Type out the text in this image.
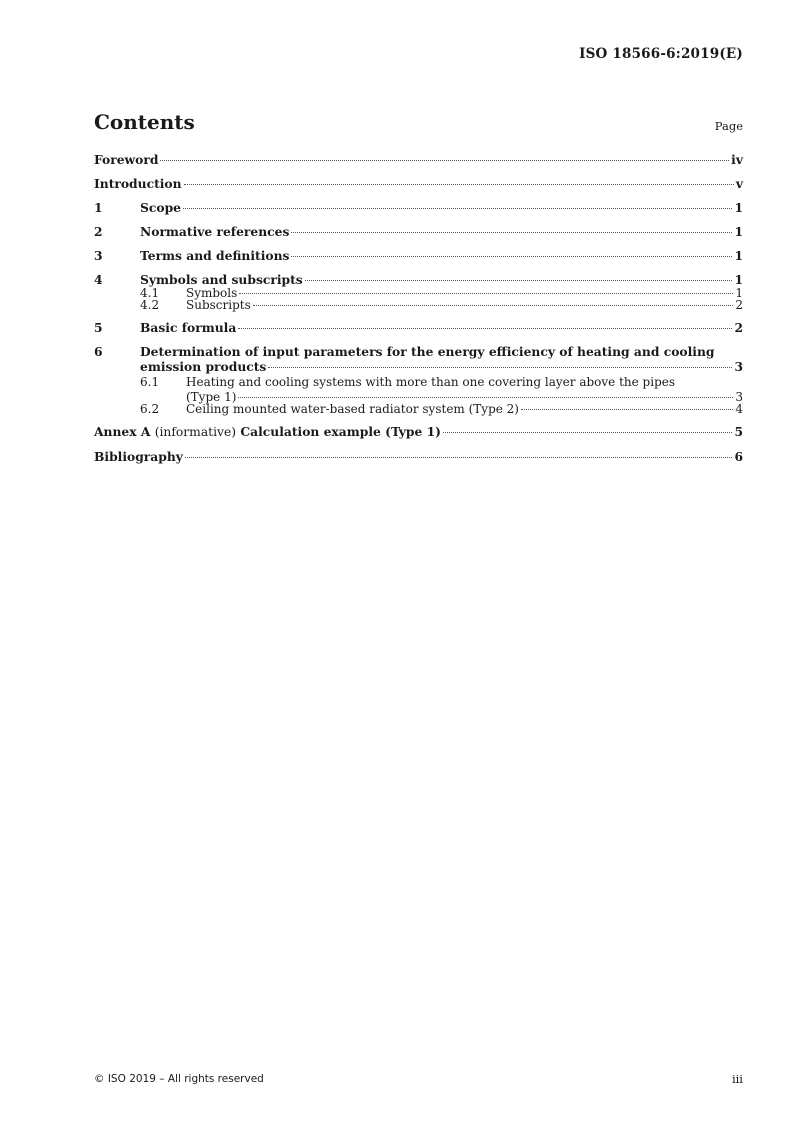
ISO 18566-6:2019(E)
Contents	Page
Foreword	iv
Introduction	v
1	Scope	1
2	Normative references	1
3	Terms and definitions	1
4	Symbols and subscripts	1
4.1	Symbols	1
4.2	Subscripts	2
5	Basic formula	2
6	Determination of input parameters for the energy efficiency of heating and cooling
emission products	3
6.1	Heating and cooling systems with more than one covering layer above the pipes
(Type 1)	3
6.2	Ceiling mounted water-based radiator system (Type 2)	4
Annex A (informative) Calculation example (Type 1)	5
Bibliography	6
© ISO 2019 – All rights reserved	iii
